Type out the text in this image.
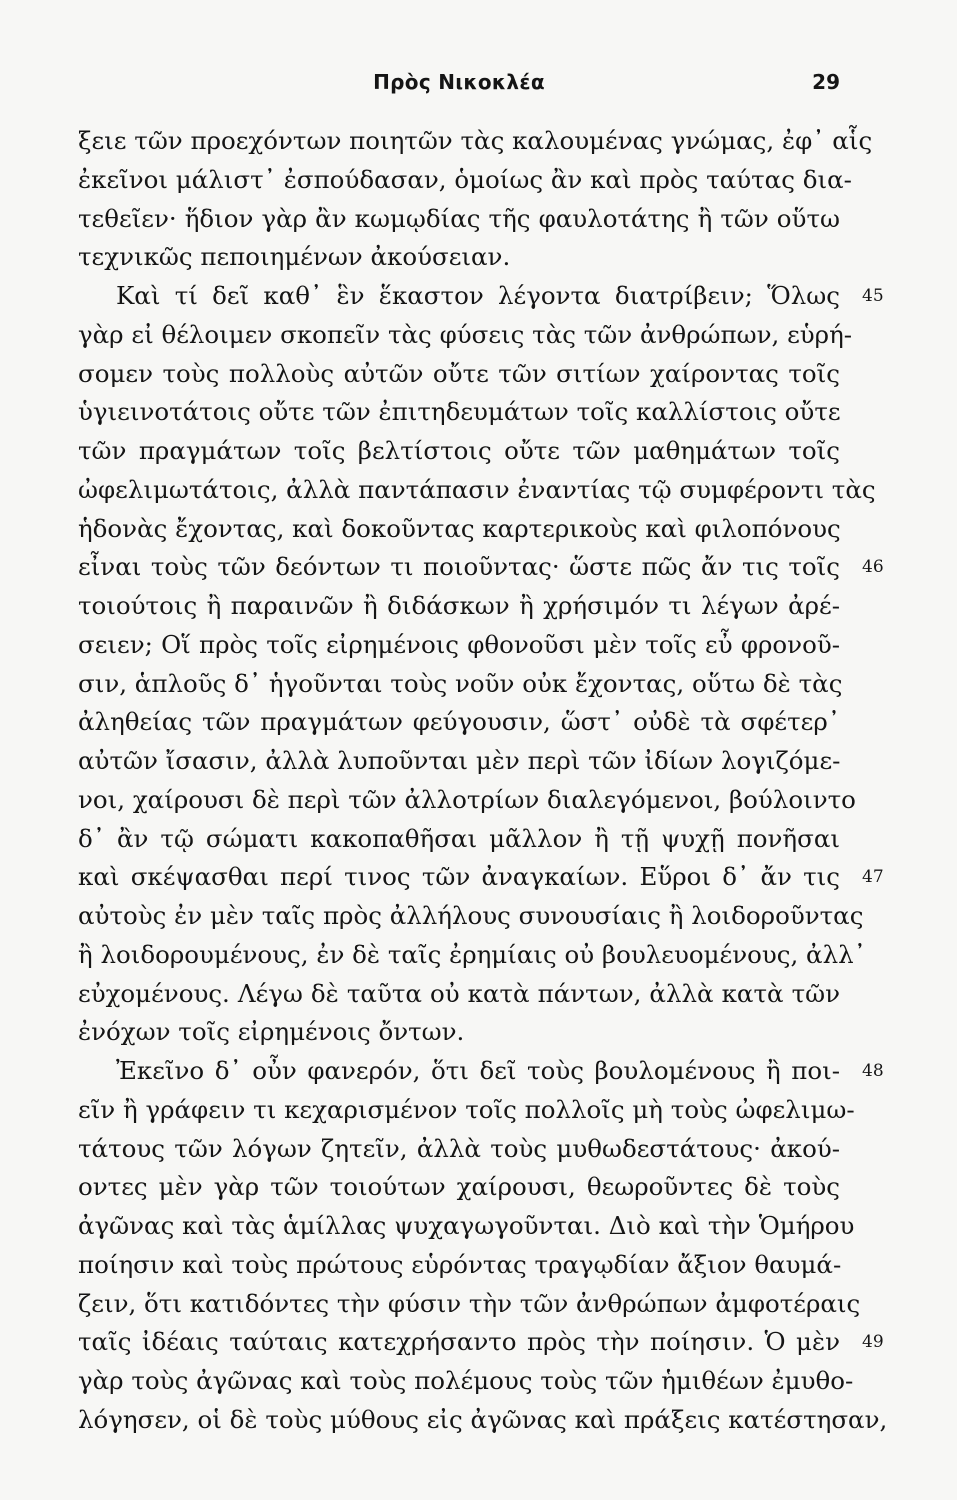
Πρὸς Νικοκλέα	29
ξειε τῶν προεχόντων ποιητῶν τὰς καλουμένας γνώμας, ἐφ᾽ αἷς
ἐκεῖνοι μάλιστ᾽ ἐσπούδασαν, ὁμοίως ἂν καὶ πρὸς ταύτας δια-
τεθεῖεν· ἥδιον γὰρ ἂν κωμῳδίας τῆς φαυλοτάτης ἢ τῶν οὕτω
τεχνικῶς πεποιημένων ἀκούσειαν.
Καὶ τί δεῖ καθ᾽ ἓν ἕκαστον λέγοντα διατρίβειν; Ὅλως 45
γὰρ εἰ θέλοιμεν σκοπεῖν τὰς φύσεις τὰς τῶν ἀνθρώπων, εὑρή-
σομεν τοὺς πολλοὺς αὐτῶν οὔτε τῶν σιτίων χαίροντας τοῖς
ὑγιεινοτάτοις οὔτε τῶν ἐπιτηδευμάτων τοῖς καλλίστοις οὔτε
τῶν πραγμάτων τοῖς βελτίστοις οὔτε τῶν μαθημάτων τοῖς
ὠφελιμωτάτοις, ἀλλὰ παντάπασιν ἐναντίας τῷ συμφέροντι τὰς
ἡδονὰς ἔχοντας, καὶ δοκοῦντας καρτερικοὺς καὶ φιλοπόνους
εἶναι τοὺς τῶν δεόντων τι ποιοῦντας· ὥστε πῶς ἄν τις τοῖς 46
τοιούτοις ἢ παραινῶν ἢ διδάσκων ἢ χρήσιμόν τι λέγων ἀρέ-
σειεν; Οἵ πρὸς τοῖς εἰρημένοις φθονοῦσι μὲν τοῖς εὖ φρονοῦ-
σιν, ἁπλοῦς δ᾽ ἡγοῦνται τοὺς νοῦν οὐκ ἔχοντας, οὕτω δὲ τὰς
ἀληθείας τῶν πραγμάτων φεύγουσιν, ὥστ᾽ οὐδὲ τὰ σφέτερ᾽
αὐτῶν ἴσασιν, ἀλλὰ λυποῦνται μὲν περὶ τῶν ἰδίων λογιζόμε-
νοι, χαίρουσι δὲ περὶ τῶν ἀλλοτρίων διαλεγόμενοι, βούλοιντο
δ᾽ ἂν τῷ σώματι κακοπαθῆσαι μᾶλλον ἢ τῇ ψυχῇ πονῆσαι
καὶ σκέψασθαι περί τινος τῶν ἀναγκαίων. Εὕροι δ᾽ ἄν τις 47
αὐτοὺς ἐν μὲν ταῖς πρὸς ἀλλήλους συνουσίαις ἢ λοιδοροῦντας
ἢ λοιδορουμένους, ἐν δὲ ταῖς ἐρημίαις οὐ βουλευομένους, ἀλλ᾽
εὐχομένους. Λέγω δὲ ταῦτα οὐ κατὰ πάντων, ἀλλὰ κατὰ τῶν
ἐνόχων τοῖς εἰρημένοις ὄντων.
Ἐκεῖνο δ᾽ οὖν φανερόν, ὅτι δεῖ τοὺς βουλομένους ἢ ποι- 48
εῖν ἢ γράφειν τι κεχαρισμένον τοῖς πολλοῖς μὴ τοὺς ὠφελιμω-
τάτους τῶν λόγων ζητεῖν, ἀλλὰ τοὺς μυθωδεστάτους· ἀκού-
οντες μὲν γὰρ τῶν τοιούτων χαίρουσι, θεωροῦντες δὲ τοὺς
ἀγῶνας καὶ τὰς ἁμίλλας ψυχαγωγοῦνται. Διὸ καὶ τὴν Ὁμήρου
ποίησιν καὶ τοὺς πρώτους εὑρόντας τραγῳδίαν ἄξιον θαυμά-
ζειν, ὅτι κατιδόντες τὴν φύσιν τὴν τῶν ἀνθρώπων ἀμφοτέραις
ταῖς ἰδέαις ταύταις κατεχρήσαντο πρὸς τὴν ποίησιν. Ὁ μὲν 49
γὰρ τοὺς ἀγῶνας καὶ τοὺς πολέμους τοὺς τῶν ἡμιθέων ἐμυθο-
λόγησεν, οἱ δὲ τοὺς μύθους εἰς ἀγῶνας καὶ πράξεις κατέστησαν,
